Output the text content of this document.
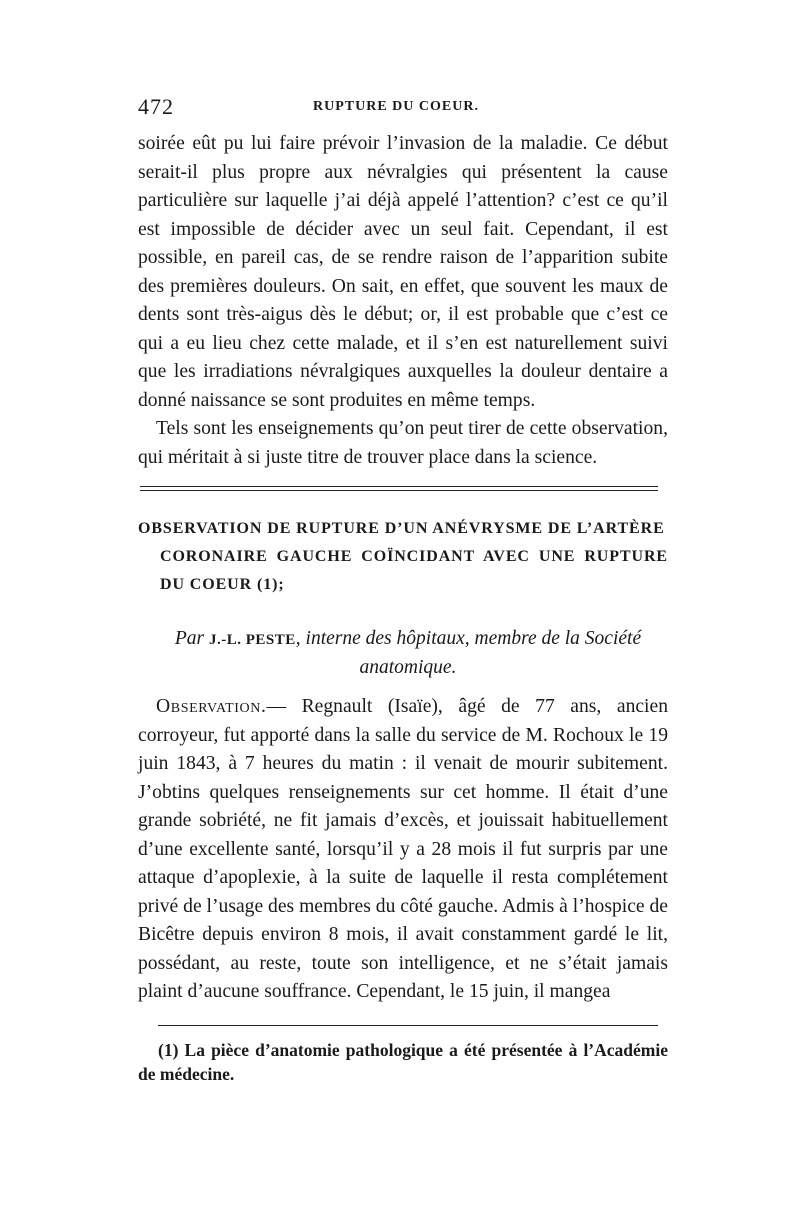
472	RUPTURE DU COEUR.

soirée eût pu lui faire prévoir l’invasion de la maladie. Ce début serait-il plus propre aux névralgies qui présentent la cause particulière sur laquelle j’ai déjà appelé l’attention? c’est ce qu’il est impossible de décider avec un seul fait. Cependant, il est possible, en pareil cas, de se rendre raison de l’apparition subite des premières douleurs. On sait, en effet, que souvent les maux de dents sont très-aigus dès le début; or, il est probable que c’est ce qui a eu lieu chez cette malade, et il s’en est naturellement suivi que les irradiations névralgiques auxquelles la douleur dentaire a donné naissance se sont produites en même temps.

Tels sont les enseignements qu’on peut tirer de cette observation, qui méritait à si juste titre de trouver place dans la science.

OBSERVATION DE RUPTURE D’UN ANÉVRYSME DE L’ARTÈRE
CORONAIRE GAUCHE COÏNCIDANT AVEC UNE RUPTURE DU COEUR (1);
Par J.-L. PESTE, interne des hôpitaux, membre de la Société anatomique.

Observation.— Regnault (Isaïe), âgé de 77 ans, ancien corroyeur, fut apporté dans la salle du service de M. Rochoux le 19 juin 1843, à 7 heures du matin : il venait de mourir subitement. J’obtins quelques renseignements sur cet homme. Il était d’une grande sobriété, ne fit jamais d’excès, et jouissait habituellement d’une excellente santé, lorsqu’il y a 28 mois il fut surpris par une attaque d’apoplexie, à la suite de laquelle il resta complétement privé de l’usage des membres du côté gauche. Admis à l’hospice de Bicêtre depuis environ 8 mois, il avait constamment gardé le lit, possédant, au reste, toute son intelligence, et ne s’était jamais plaint d’aucune souffrance. Cependant, le 15 juin, il mangea

(1) La pièce d’anatomie pathologique a été présentée à l’Académie de médecine.
